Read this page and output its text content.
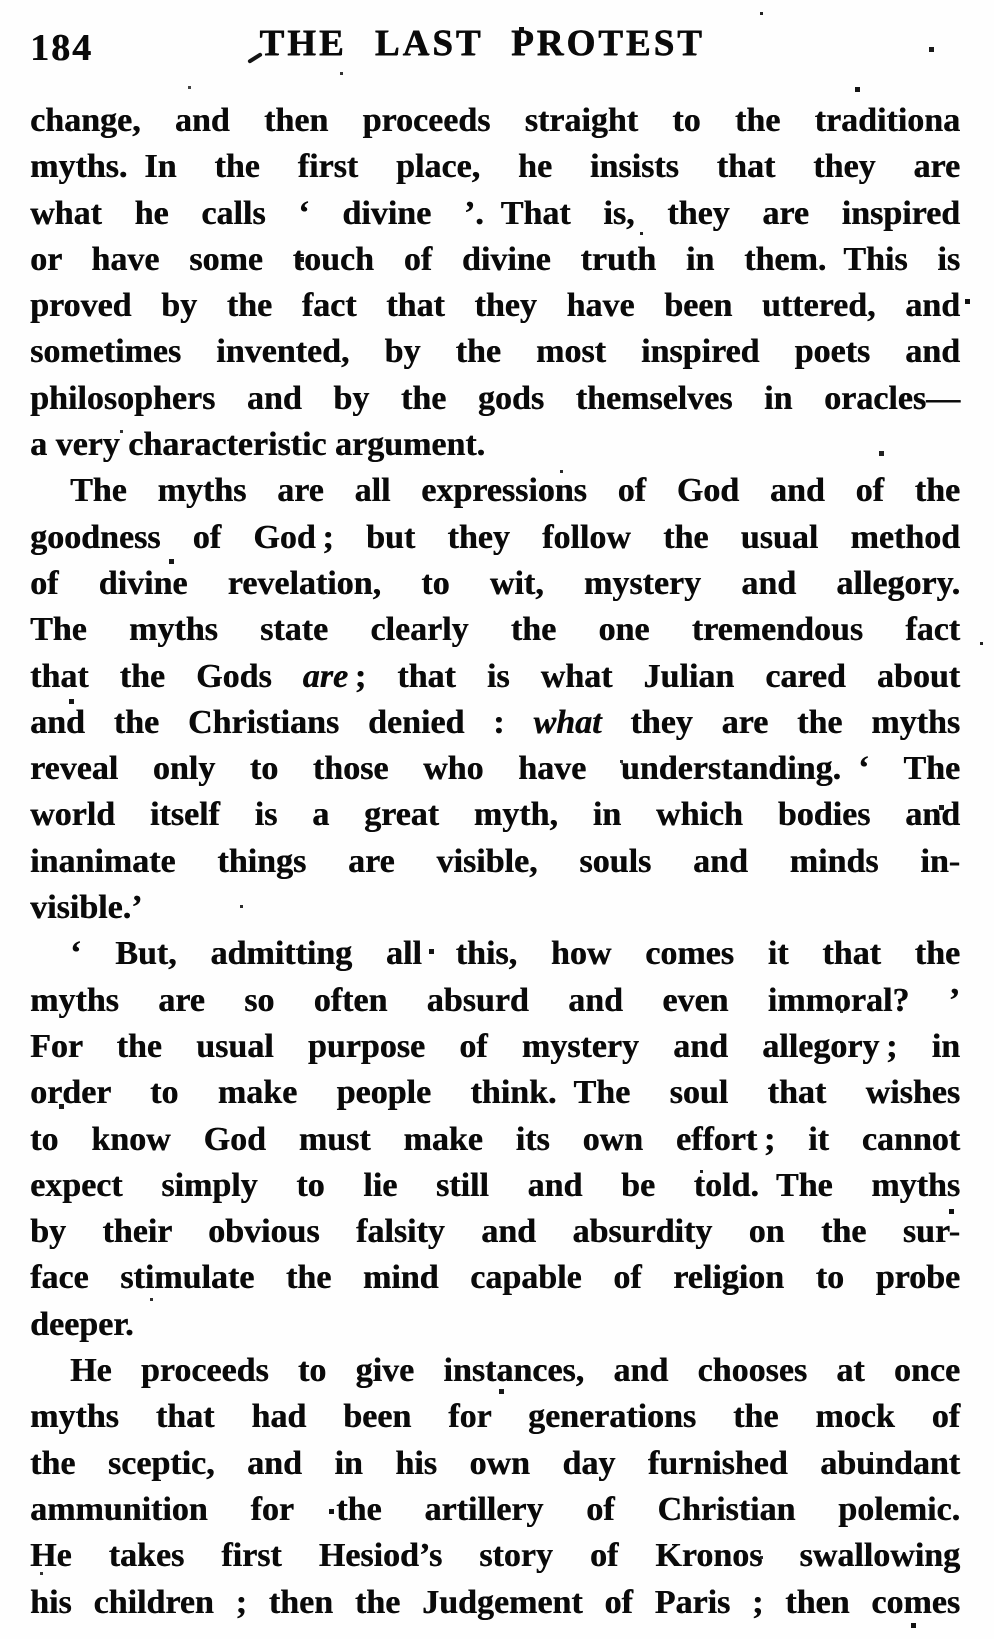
184	THE LAST PROTEST
change, and then proceeds straight to the traditiona
myths. In the first place, he insists that they are
what he calls ‘ divine ’. That is, they are inspired
or have some touch of divine truth in them. This is
proved by the fact that they have been uttered, and
sometimes invented, by the most inspired poets and
philosophers and by the gods themselves in oracles—
a very characteristic argument.
The myths are all expressions of God and of the
goodness of God ; but they follow the usual method
of divine revelation, to wit, mystery and allegory.
The myths state clearly the one tremendous fact
that the Gods are ; that is what Julian cared about
and the Christians denied : what they are the myths
reveal only to those who have understanding. ‘ The
world itself is a great myth, in which bodies and
inanimate things are visible, souls and minds in-
visible.’
‘ But, admitting all this, how comes it that the
myths are so often absurd and even immoral? ’
For the usual purpose of mystery and allegory ; in
order to make people think. The soul that wishes
to know God must make its own effort ; it cannot
expect simply to lie still and be told. The myths
by their obvious falsity and absurdity on the sur-
face stimulate the mind capable of religion to probe
deeper.
He proceeds to give instances, and chooses at once
myths that had been for generations the mock of
the sceptic, and in his own day furnished abundant
ammunition for the artillery of Christian polemic.
He takes first Hesiod’s story of Kronos swallowing
his children ; then the Judgement of Paris ; then comes
